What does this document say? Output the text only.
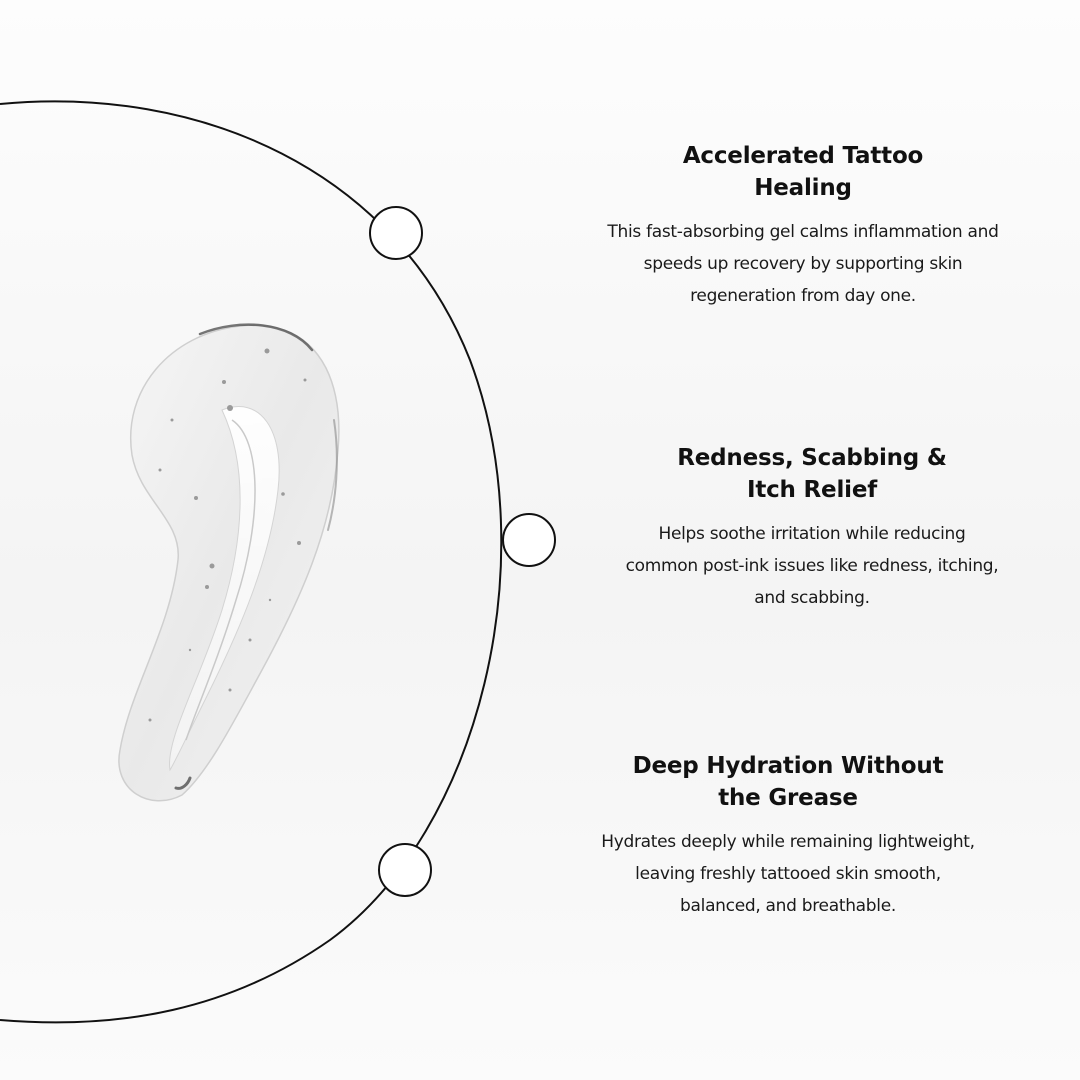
Accelerated Tattoo
Healing

This fast-absorbing gel calms inflammation and speeds up recovery by supporting skin regeneration from day one.

Redness, Scabbing &
Itch Relief

Helps soothe irritation while reducing common post-ink issues like redness, itching, and scabbing.

Deep Hydration Without
the Grease

Hydrates deeply while remaining lightweight, leaving freshly tattooed skin smooth, balanced, and breathable.
